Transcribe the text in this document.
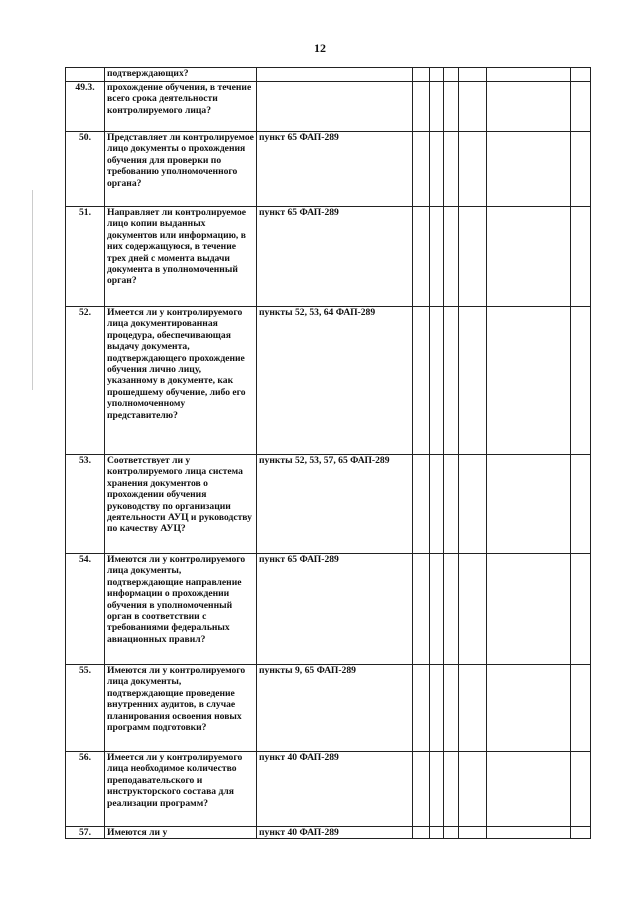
12
	подтверждающих?							
49.3.	прохождение обучения, в течение всего срока деятельности контролируемого лица?							
50.	Представляет ли контролируемое лицо документы о прохождения обучения для проверки по требованию уполномоченного органа?	пункт 65 ФАП-289						
51.	Направляет ли контролируемое лицо копии выданных документов или информацию, в них содержащуюся, в течение трех дней с момента выдачи документа в уполномоченный орган?	пункт 65 ФАП-289						
52.	Имеется ли у контролируемого лица документированная процедура, обеспечивающая выдачу документа, подтверждающего прохождение обучения лично лицу, указанному в документе, как прошедшему обучение, либо его уполномоченному представителю?	пункты 52, 53, 64 ФАП-289						
53.	Соответствует ли у контролируемого лица система хранения документов о прохождении обучения руководству по организации деятельности АУЦ и руководству по качеству АУЦ?	пункты 52, 53, 57, 65 ФАП-289						
54.	Имеются ли у контролируемого лица документы, подтверждающие направление информации о прохождении обучения в уполномоченный орган в соответствии с требованиями федеральных авиационных правил?	пункт 65 ФАП-289						
55.	Имеются ли у контролируемого лица документы, подтверждающие проведение внутренних аудитов, в случае планирования освоения новых программ подготовки?	пункты 9, 65 ФАП-289						
56.	Имеется ли у контролируемого лица необходимое количество преподавательского и инструкторского состава для реализации программ?	пункт 40 ФАП-289						
57.	Имеются ли у	пункт 40 ФАП-289						
